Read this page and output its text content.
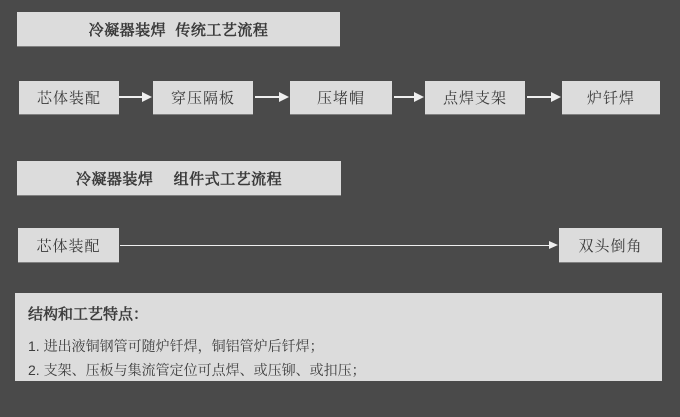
冷凝器装焊  传统工艺流程
芯体装配	穿压隔板	压堵帽	点焊支架	炉钎焊
冷凝器装焊　 组件式工艺流程
芯体装配	双头倒角

结构和工艺特点：

1. 进出液铜钢管可随炉钎焊，铜铝管炉后钎焊；

2. 支架、压板与集流管定位可点焊、或压铆、或扣压；
